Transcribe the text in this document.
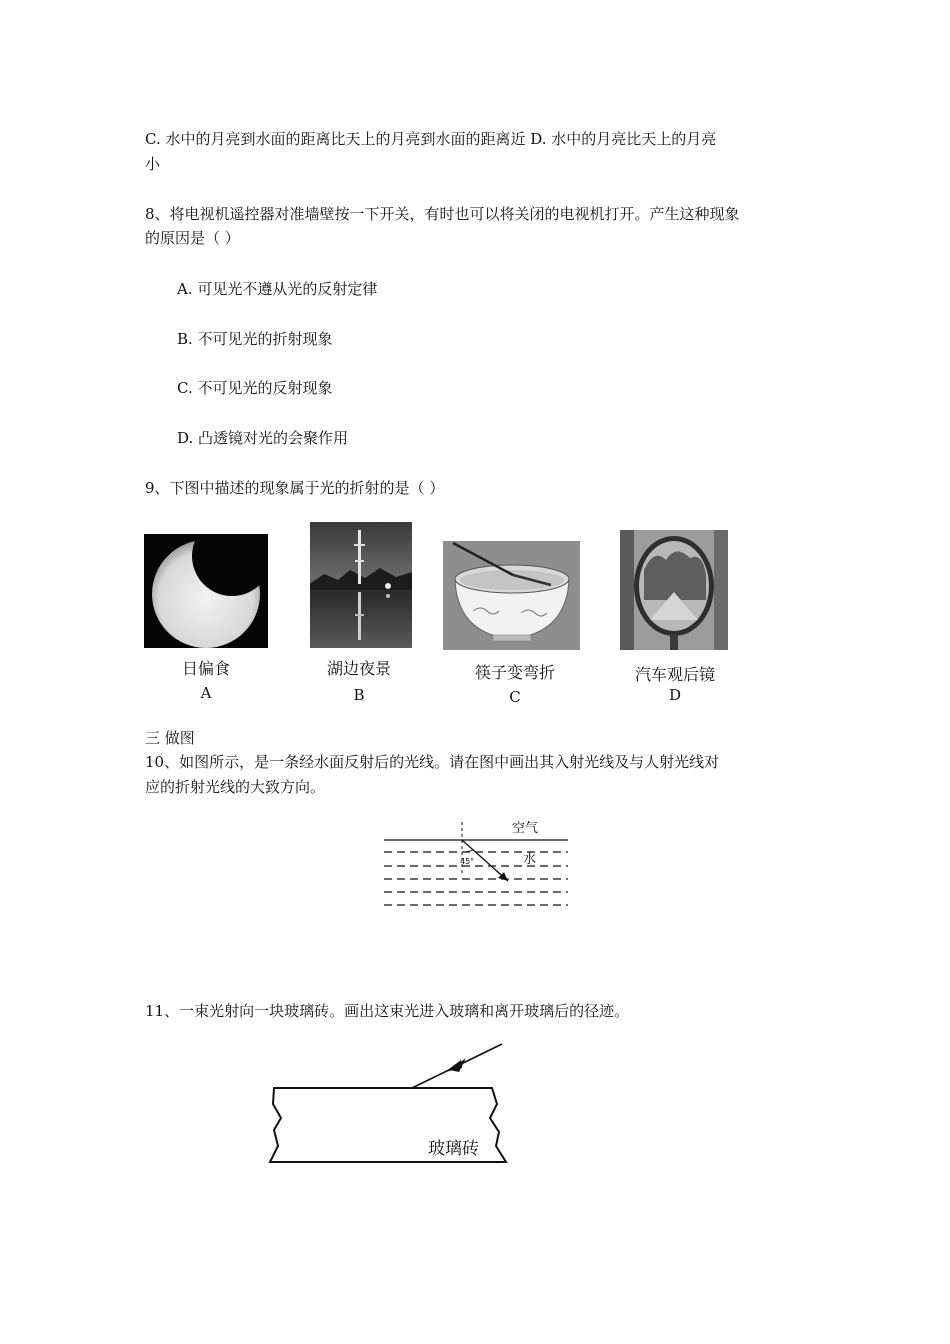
C. 水中的月亮到水面的距离比天上的月亮到水面的距离近 D. 水中的月亮比天上的月亮
小
8、将电视机遥控器对准墙壁按一下开关，有时也可以将关闭的电视机打开。产生这种现象
的原因是（ ）
A. 可见光不遵从光的反射定律
B. 不可见光的折射现象
C. 不可见光的反射现象
D. 凸透镜对光的会聚作用
9、下图中描述的现象属于光的折射的是（ ）
日偏食
A
湖边夜景
B
筷子变弯折
C
汽车观后镜
D
三 做图
10、如图所示，是一条经水面反射后的光线。请在图中画出其入射光线及与人射光线对
应的折射光线的大致方向。
空气
水
45°
11、一束光射向一块玻璃砖。画出这束光进入玻璃和离开玻璃后的径迹。
玻璃砖
